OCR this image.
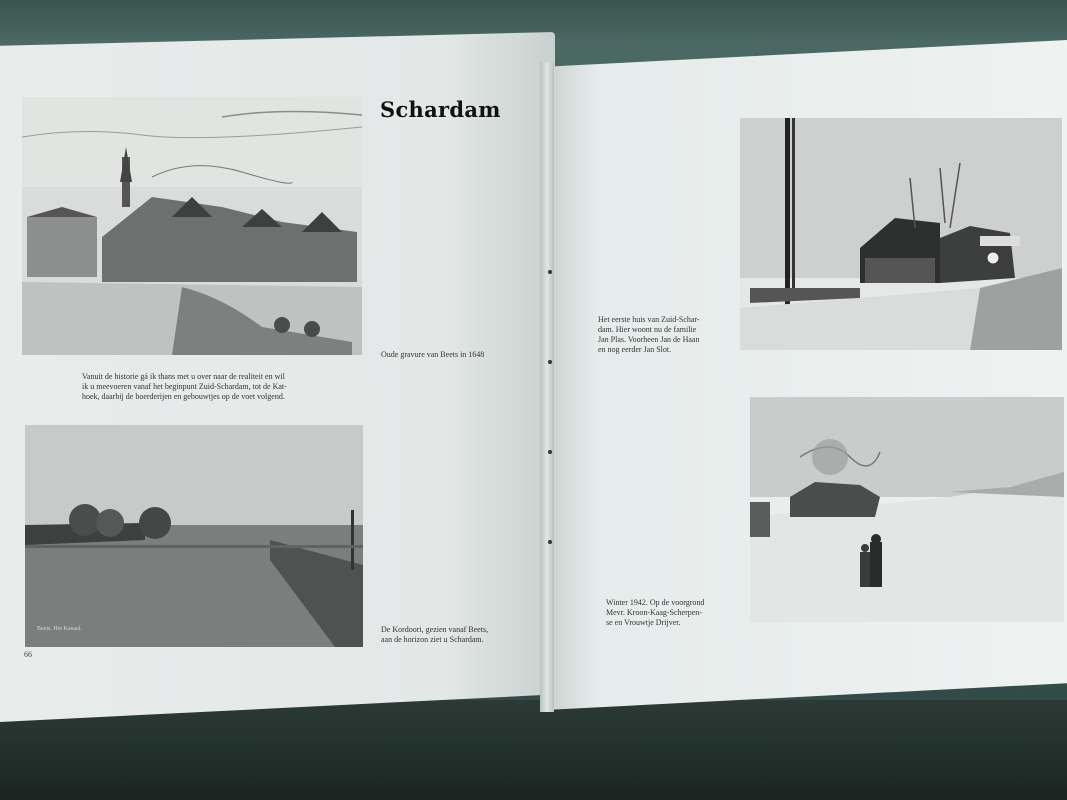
Schardam
Oude gravure van Beets in 1648
Vanuit de historie gá ik thans met u over naar de realiteit en wil
ik u meevoeren vanaf het beginpunt Zuid-Schardam, tot de Kat-
hoek, daarbij de boerderijen en gebouwtjes op de voet volgend.
Beets. Het Kanaal.	De Kordoori, gezien vanaf Beets,
aan de horizon ziet u Schardam.
66
Het eerste huis van Zuid-Schar-
dam. Hier woont nu de familie
Jan Plas. Voorheen Jan de Haan
en nog eerder Jan Slot.
Winter 1942. Op de voorgrond
Mevr. Kroon-Kaag-Scherpen-
se en Vrouwtje Drijver.
